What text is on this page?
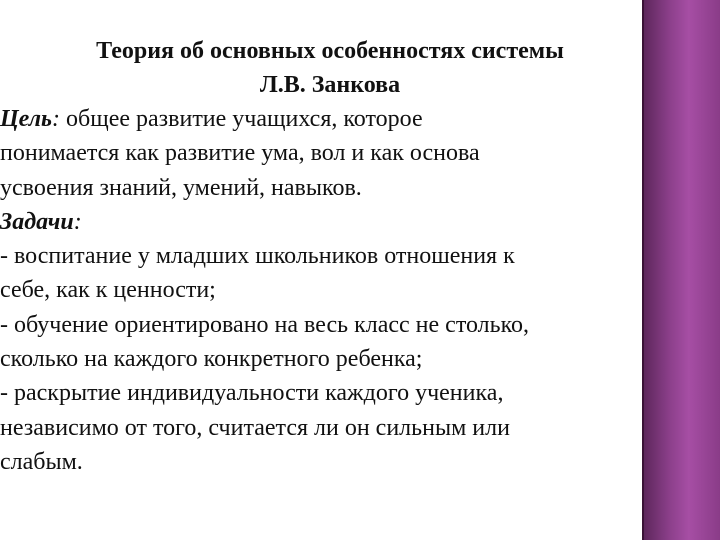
Теория об основных особенностях системы
Л.В. Занкова
Цель: общее развитие учащихся, которое
понимается как развитие ума, вол и как основа
усвоения знаний, умений, навыков.
Задачи:
- воспитание у младших школьников отношения к
себе, как к ценности;
- обучение ориентировано на весь класс не столько,
сколько на каждого конкретного ребенка;
- раскрытие индивидуальности каждого ученика,
независимо от того, считается ли он сильным или
слабым.
